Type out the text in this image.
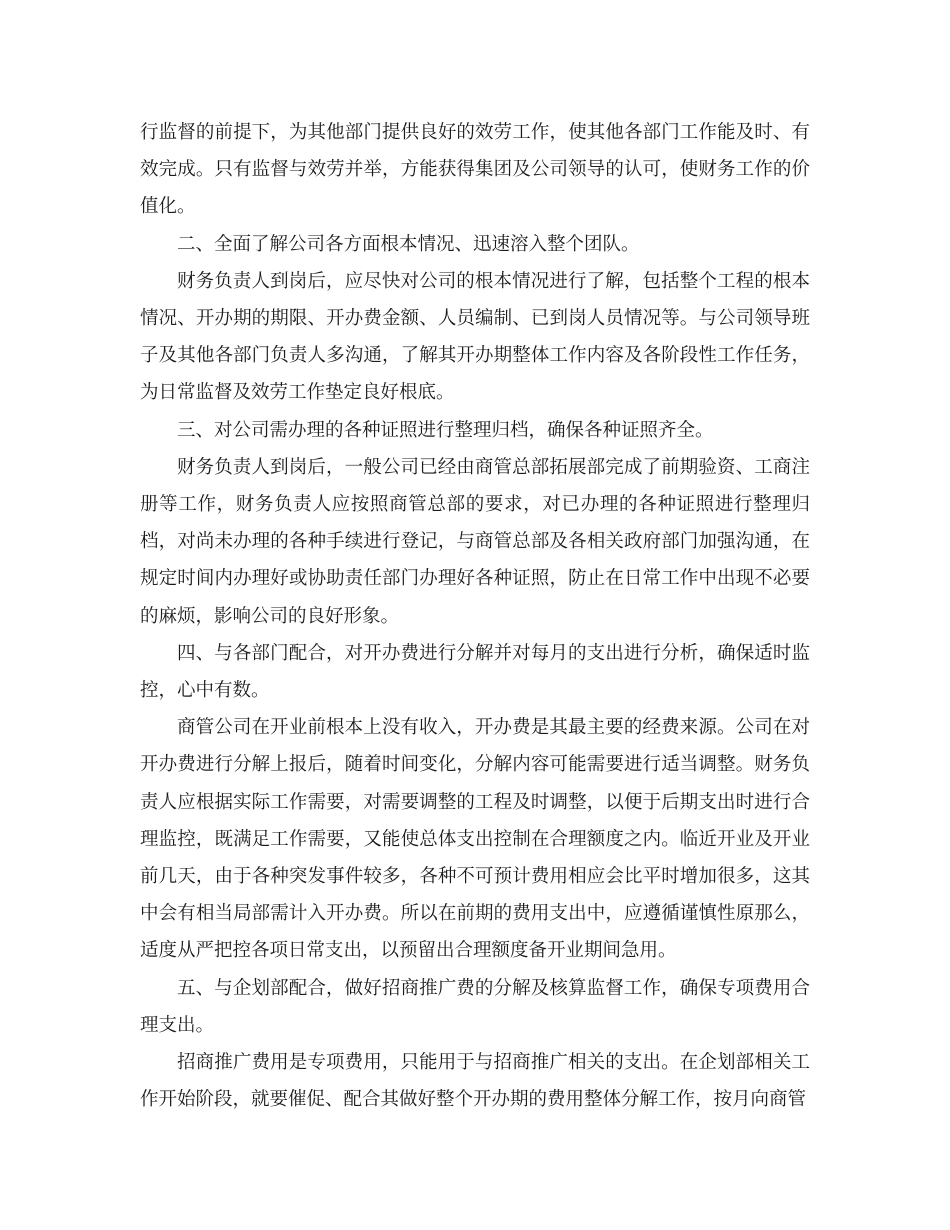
行监督的前提下，为其他部门提供良好的效劳工作，使其他各部门工作能及时、有效完成。只有监督与效劳并举，方能获得集团及公司领导的认可，使财务工作的价值化。

二、全面了解公司各方面根本情况、迅速溶入整个团队。

财务负责人到岗后，应尽快对公司的根本情况进行了解，包括整个工程的根本情况、开办期的期限、开办费金额、人员编制、已到岗人员情况等。与公司领导班子及其他各部门负责人多沟通，了解其开办期整体工作内容及各阶段性工作任务，为日常监督及效劳工作垫定良好根底。

三、对公司需办理的各种证照进行整理归档，确保各种证照齐全。

财务负责人到岗后，一般公司已经由商管总部拓展部完成了前期验资、工商注册等工作，财务负责人应按照商管总部的要求，对已办理的各种证照进行整理归档，对尚未办理的各种手续进行登记，与商管总部及各相关政府部门加强沟通，在规定时间内办理好或协助责任部门办理好各种证照，防止在日常工作中出现不必要的麻烦，影响公司的良好形象。

四、与各部门配合，对开办费进行分解并对每月的支出进行分析，确保适时监控，心中有数。

商管公司在开业前根本上没有收入，开办费是其最主要的经费来源。公司在对开办费进行分解上报后，随着时间变化，分解内容可能需要进行适当调整。财务负责人应根据实际工作需要，对需要调整的工程及时调整，以便于后期支出时进行合理监控，既满足工作需要，又能使总体支出控制在合理额度之内。临近开业及开业前几天，由于各种突发事件较多，各种不可预计费用相应会比平时增加很多，这其中会有相当局部需计入开办费。所以在前期的费用支出中，应遵循谨慎性原那么，适度从严把控各项日常支出，以预留出合理额度备开业期间急用。

五、与企划部配合，做好招商推广费的分解及核算监督工作，确保专项费用合理支出。

招商推广费用是专项费用，只能用于与招商推广相关的支出。在企划部相关工作开始阶段，就要催促、配合其做好整个开办期的费用整体分解工作，按月向商管
